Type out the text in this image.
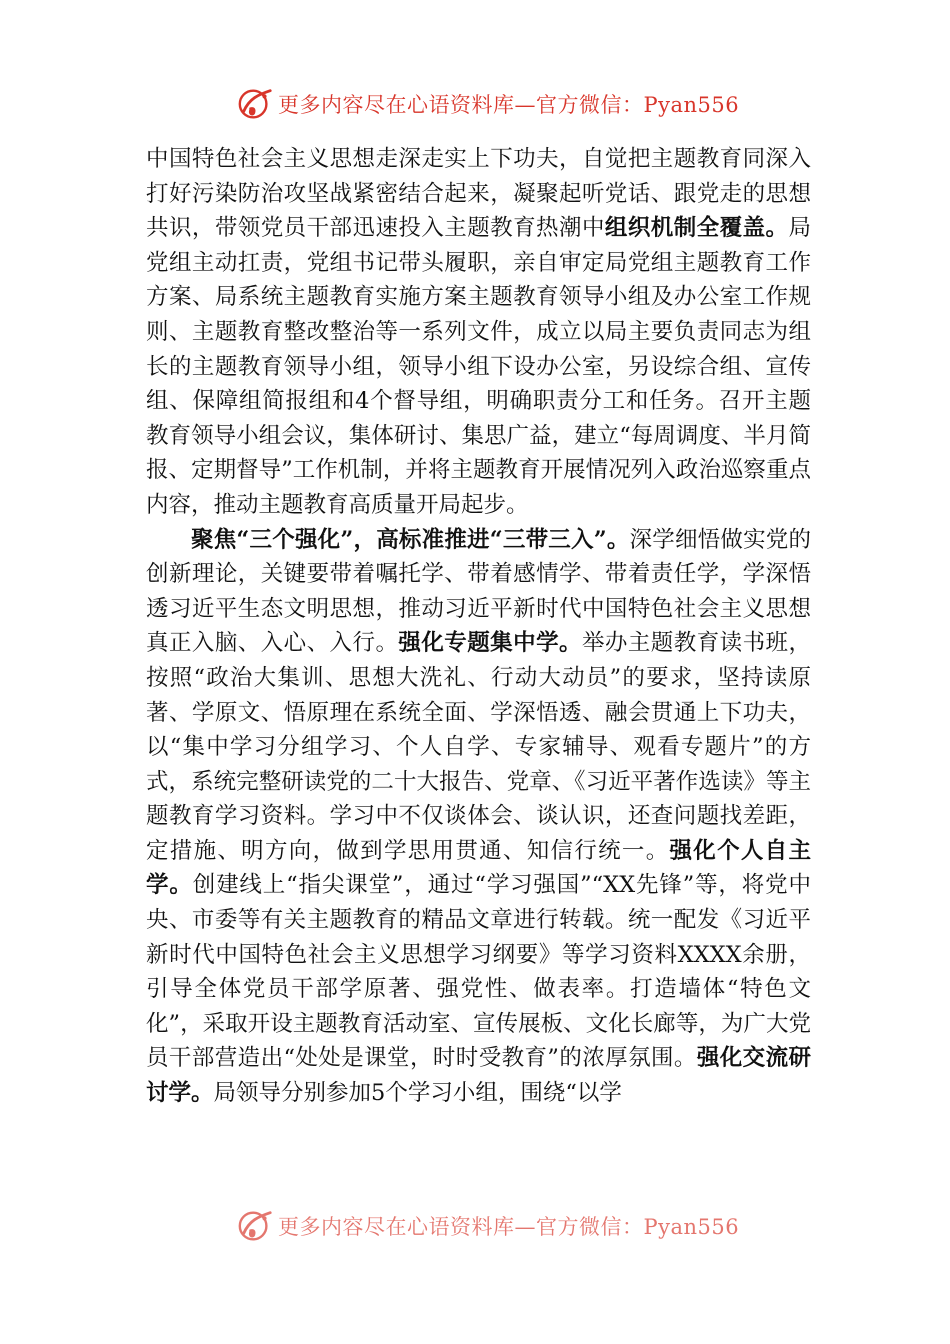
更多内容尽在心语资料库—官方微信：Pyan556

中国特色社会主义思想走深走实上下功夫，自觉把主题教育同深入打好污染防治攻坚战紧密结合起来，凝聚起听党话、跟党走的思想共识，带领党员干部迅速投入主题教育热潮中组织机制全覆盖。局党组主动扛责，党组书记带头履职，亲自审定局党组主题教育工作方案、局系统主题教育实施方案主题教育领导小组及办公室工作规则、主题教育整改整治等一系列文件，成立以局主要负责同志为组长的主题教育领导小组，领导小组下设办公室，另设综合组、宣传组、保障组简报组和4个督导组，明确职责分工和任务。召开主题教育领导小组会议，集体研讨、集思广益，建立“每周调度、半月简报、定期督导”工作机制，并将主题教育开展情况列入政治巡察重点内容，推动主题教育高质量开局起步。

聚焦“三个强化”，高标准推进“三带三入”。深学细悟做实党的创新理论，关键要带着嘱托学、带着感情学、带着责任学，学深悟透习近平生态文明思想，推动习近平新时代中国特色社会主义思想真正入脑、入心、入行。强化专题集中学。举办主题教育读书班，按照“政治大集训、思想大洗礼、行动大动员”的要求，坚持读原著、学原文、悟原理在系统全面、学深悟透、融会贯通上下功夫，以“集中学习分组学习、个人自学、专家辅导、观看专题片”的方式，系统完整研读党的二十大报告、党章、《习近平著作选读》等主题教育学习资料。学习中不仅谈体会、谈认识，还查问题找差距，定措施、明方向，做到学思用贯通、知信行统一。强化个人自主学。创建线上“指尖课堂”，通过“学习强国”“XX先锋”等，将党中央、市委等有关主题教育的精品文章进行转载。统一配发《习近平新时代中国特色社会主义思想学习纲要》等学习资料XXXX余册，引导全体党员干部学原著、强党性、做表率。打造墙体“特色文化”，采取开设主题教育活动室、宣传展板、文化长廊等，为广大党员干部营造出“处处是课堂，时时受教育”的浓厚氛围。强化交流研讨学。局领导分别参加5个学习小组，围绕“以学

更多内容尽在心语资料库—官方微信：Pyan556
